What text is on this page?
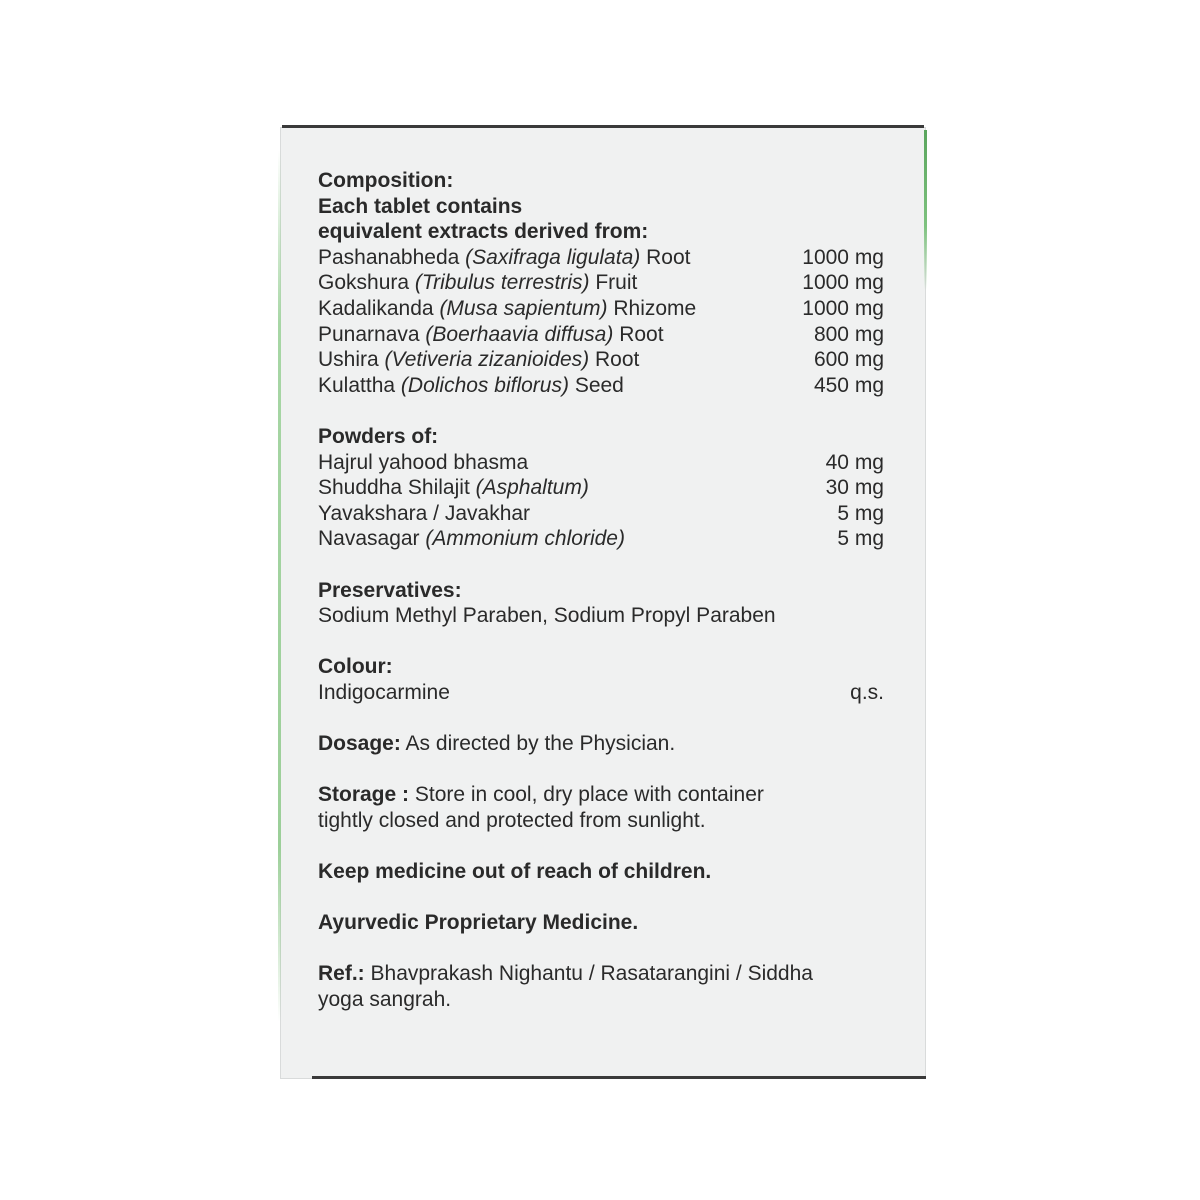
Composition:

Each tablet contains

equivalent extracts derived from:

Pashanabheda (Saxifraga ligulata) Root	1000 mg
Gokshura (Tribulus terrestris) Fruit	1000 mg
Kadalikanda (Musa sapientum) Rhizome	1000 mg
Punarnava (Boerhaavia diffusa) Root	800 mg
Ushira (Vetiveria zizanioides) Root	600 mg
Kulattha (Dolichos biflorus) Seed	450 mg

Powders of:

Hajrul yahood bhasma	40 mg
Shuddha Shilajit (Asphaltum)	30 mg
Yavakshara / Javakhar	5 mg
Navasagar (Ammonium chloride)	5 mg

Preservatives:

Sodium Methyl Paraben, Sodium Propyl Paraben

Colour:

Indigocarmine	q.s.

Dosage: As directed by the Physician.

Storage : Store in cool, dry place with container

tightly closed and protected from sunlight.

Keep medicine out of reach of children.

Ayurvedic Proprietary Medicine.

Ref.: Bhavprakash Nighantu / Rasatarangini / Siddha

yoga sangrah.
